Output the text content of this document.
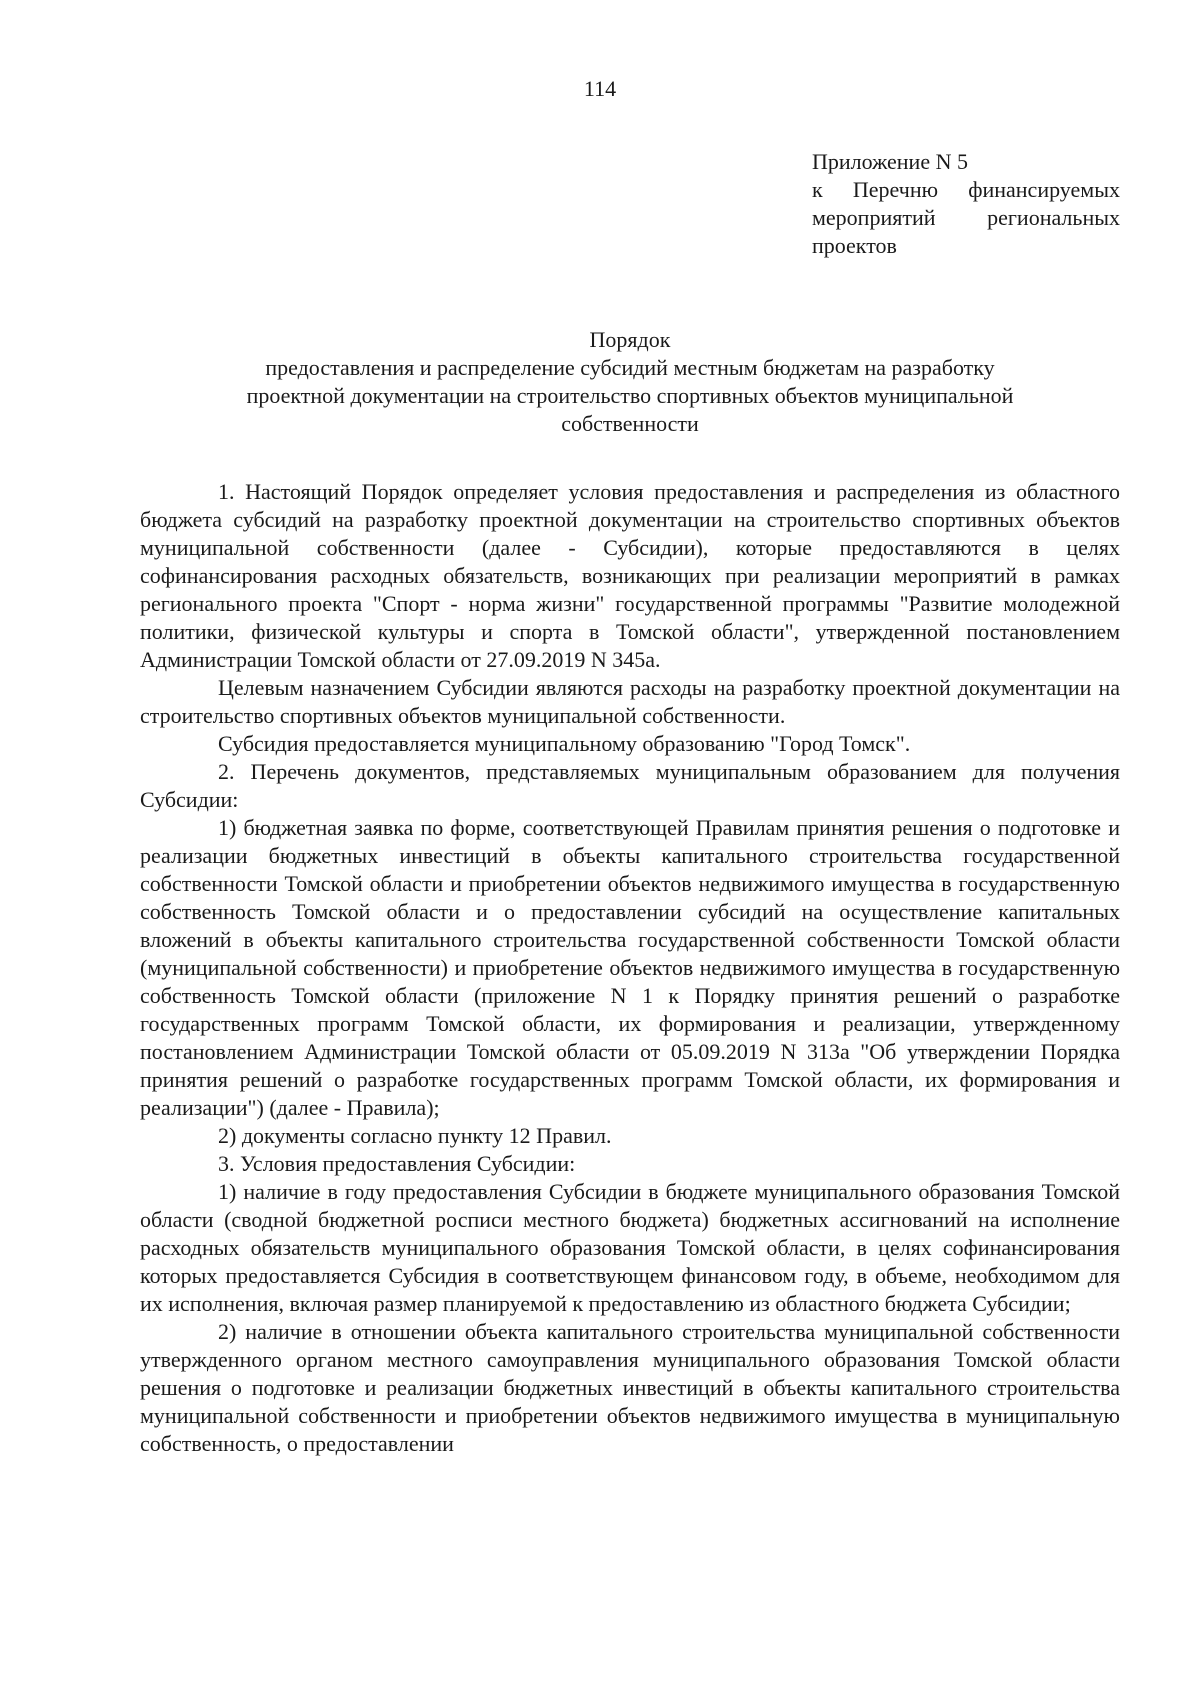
114
Приложение N 5
к Перечню финансируемых
мероприятий региональных
проектов
Порядок
предоставления и распределение субсидий местным бюджетам на разработку
проектной документации на строительство спортивных объектов муниципальной
собственности

1. Настоящий Порядок определяет условия предоставления и распределения из областного бюджета субсидий на разработку проектной документации на строительство спортивных объектов муниципальной собственности (далее - Субсидии), которые предоставляются в целях софинансирования расходных обязательств, возникающих при реализации мероприятий в рамках регионального проекта "Спорт - норма жизни" государственной программы "Развитие молодежной политики, физической культуры и спорта в Томской области", утвержденной постановлением Администрации Томской области от 27.09.2019 N 345а.

Целевым назначением Субсидии являются расходы на разработку проектной документации на строительство спортивных объектов муниципальной собственности.

Субсидия предоставляется муниципальному образованию "Город Томск".

2. Перечень документов, представляемых муниципальным образованием для получения Субсидии:

1) бюджетная заявка по форме, соответствующей Правилам принятия решения о подготовке и реализации бюджетных инвестиций в объекты капитального строительства государственной собственности Томской области и приобретении объектов недвижимого имущества в государственную собственность Томской области и о предоставлении субсидий на осуществление капитальных вложений в объекты капитального строительства государственной собственности Томской области (муниципальной собственности) и приобретение объектов недвижимого имущества в государственную собственность Томской области (приложение N 1 к Порядку принятия решений о разработке государственных программ Томской области, их формирования и реализации, утвержденному постановлением Администрации Томской области от 05.09.2019 N 313а "Об утверждении Порядка принятия решений о разработке государственных программ Томской области, их формирования и реализации") (далее - Правила);

2) документы согласно пункту 12 Правил.

3. Условия предоставления Субсидии:

1) наличие в году предоставления Субсидии в бюджете муниципального образования Томской области (сводной бюджетной росписи местного бюджета) бюджетных ассигнований на исполнение расходных обязательств муниципального образования Томской области, в целях софинансирования которых предоставляется Субсидия в соответствующем финансовом году, в объеме, необходимом для их исполнения, включая размер планируемой к предоставлению из областного бюджета Субсидии;

2) наличие в отношении объекта капитального строительства муниципальной собственности утвержденного органом местного самоуправления муниципального образования Томской области решения о подготовке и реализации бюджетных инвестиций в объекты капитального строительства муниципальной собственности и приобретении объектов недвижимого имущества в муниципальную собственность, о предоставлении
